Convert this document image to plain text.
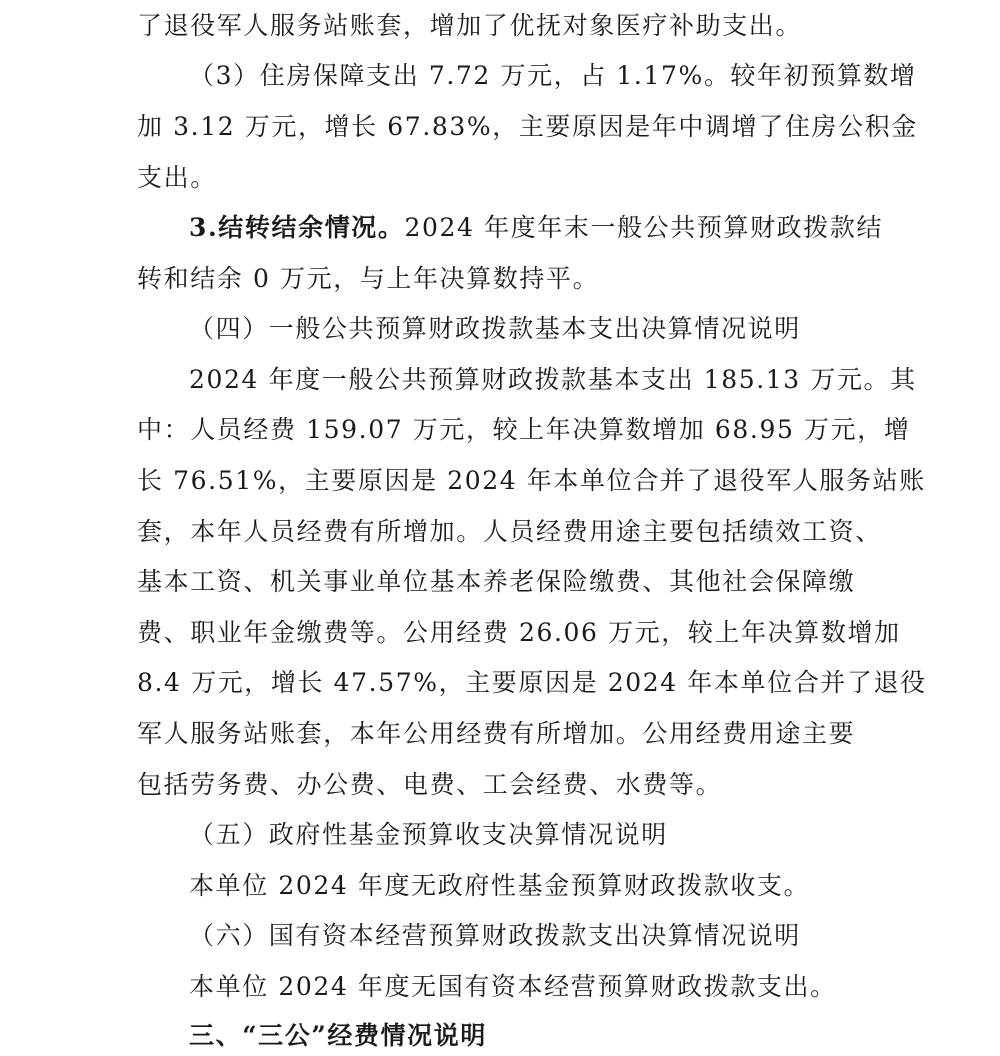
了退役军人服务站账套，增加了优抚对象医疗补助支出。
（3）住房保障支出 7.72 万元，占 1.17%。较年初预算数增
加 3.12 万元，增长 67.83%，主要原因是年中调增了住房公积金
支出。
3.结转结余情况。2024 年度年末一般公共预算财政拨款结
转和结余 0 万元，与上年决算数持平。
（四）一般公共预算财政拨款基本支出决算情况说明
2024 年度一般公共预算财政拨款基本支出 185.13 万元。其
中：人员经费 159.07 万元，较上年决算数增加 68.95 万元，增
长 76.51%，主要原因是 2024 年本单位合并了退役军人服务站账
套，本年人员经费有所增加。人员经费用途主要包括绩效工资、
基本工资、机关事业单位基本养老保险缴费、其他社会保障缴
费、职业年金缴费等。公用经费 26.06 万元，较上年决算数增加
8.4 万元，增长 47.57%，主要原因是 2024 年本单位合并了退役
军人服务站账套，本年公用经费有所增加。公用经费用途主要
包括劳务费、办公费、电费、工会经费、水费等。
（五）政府性基金预算收支决算情况说明
本单位 2024 年度无政府性基金预算财政拨款收支。
（六）国有资本经营预算财政拨款支出决算情况说明
本单位 2024 年度无国有资本经营预算财政拨款支出。
三、“三公”经费情况说明
